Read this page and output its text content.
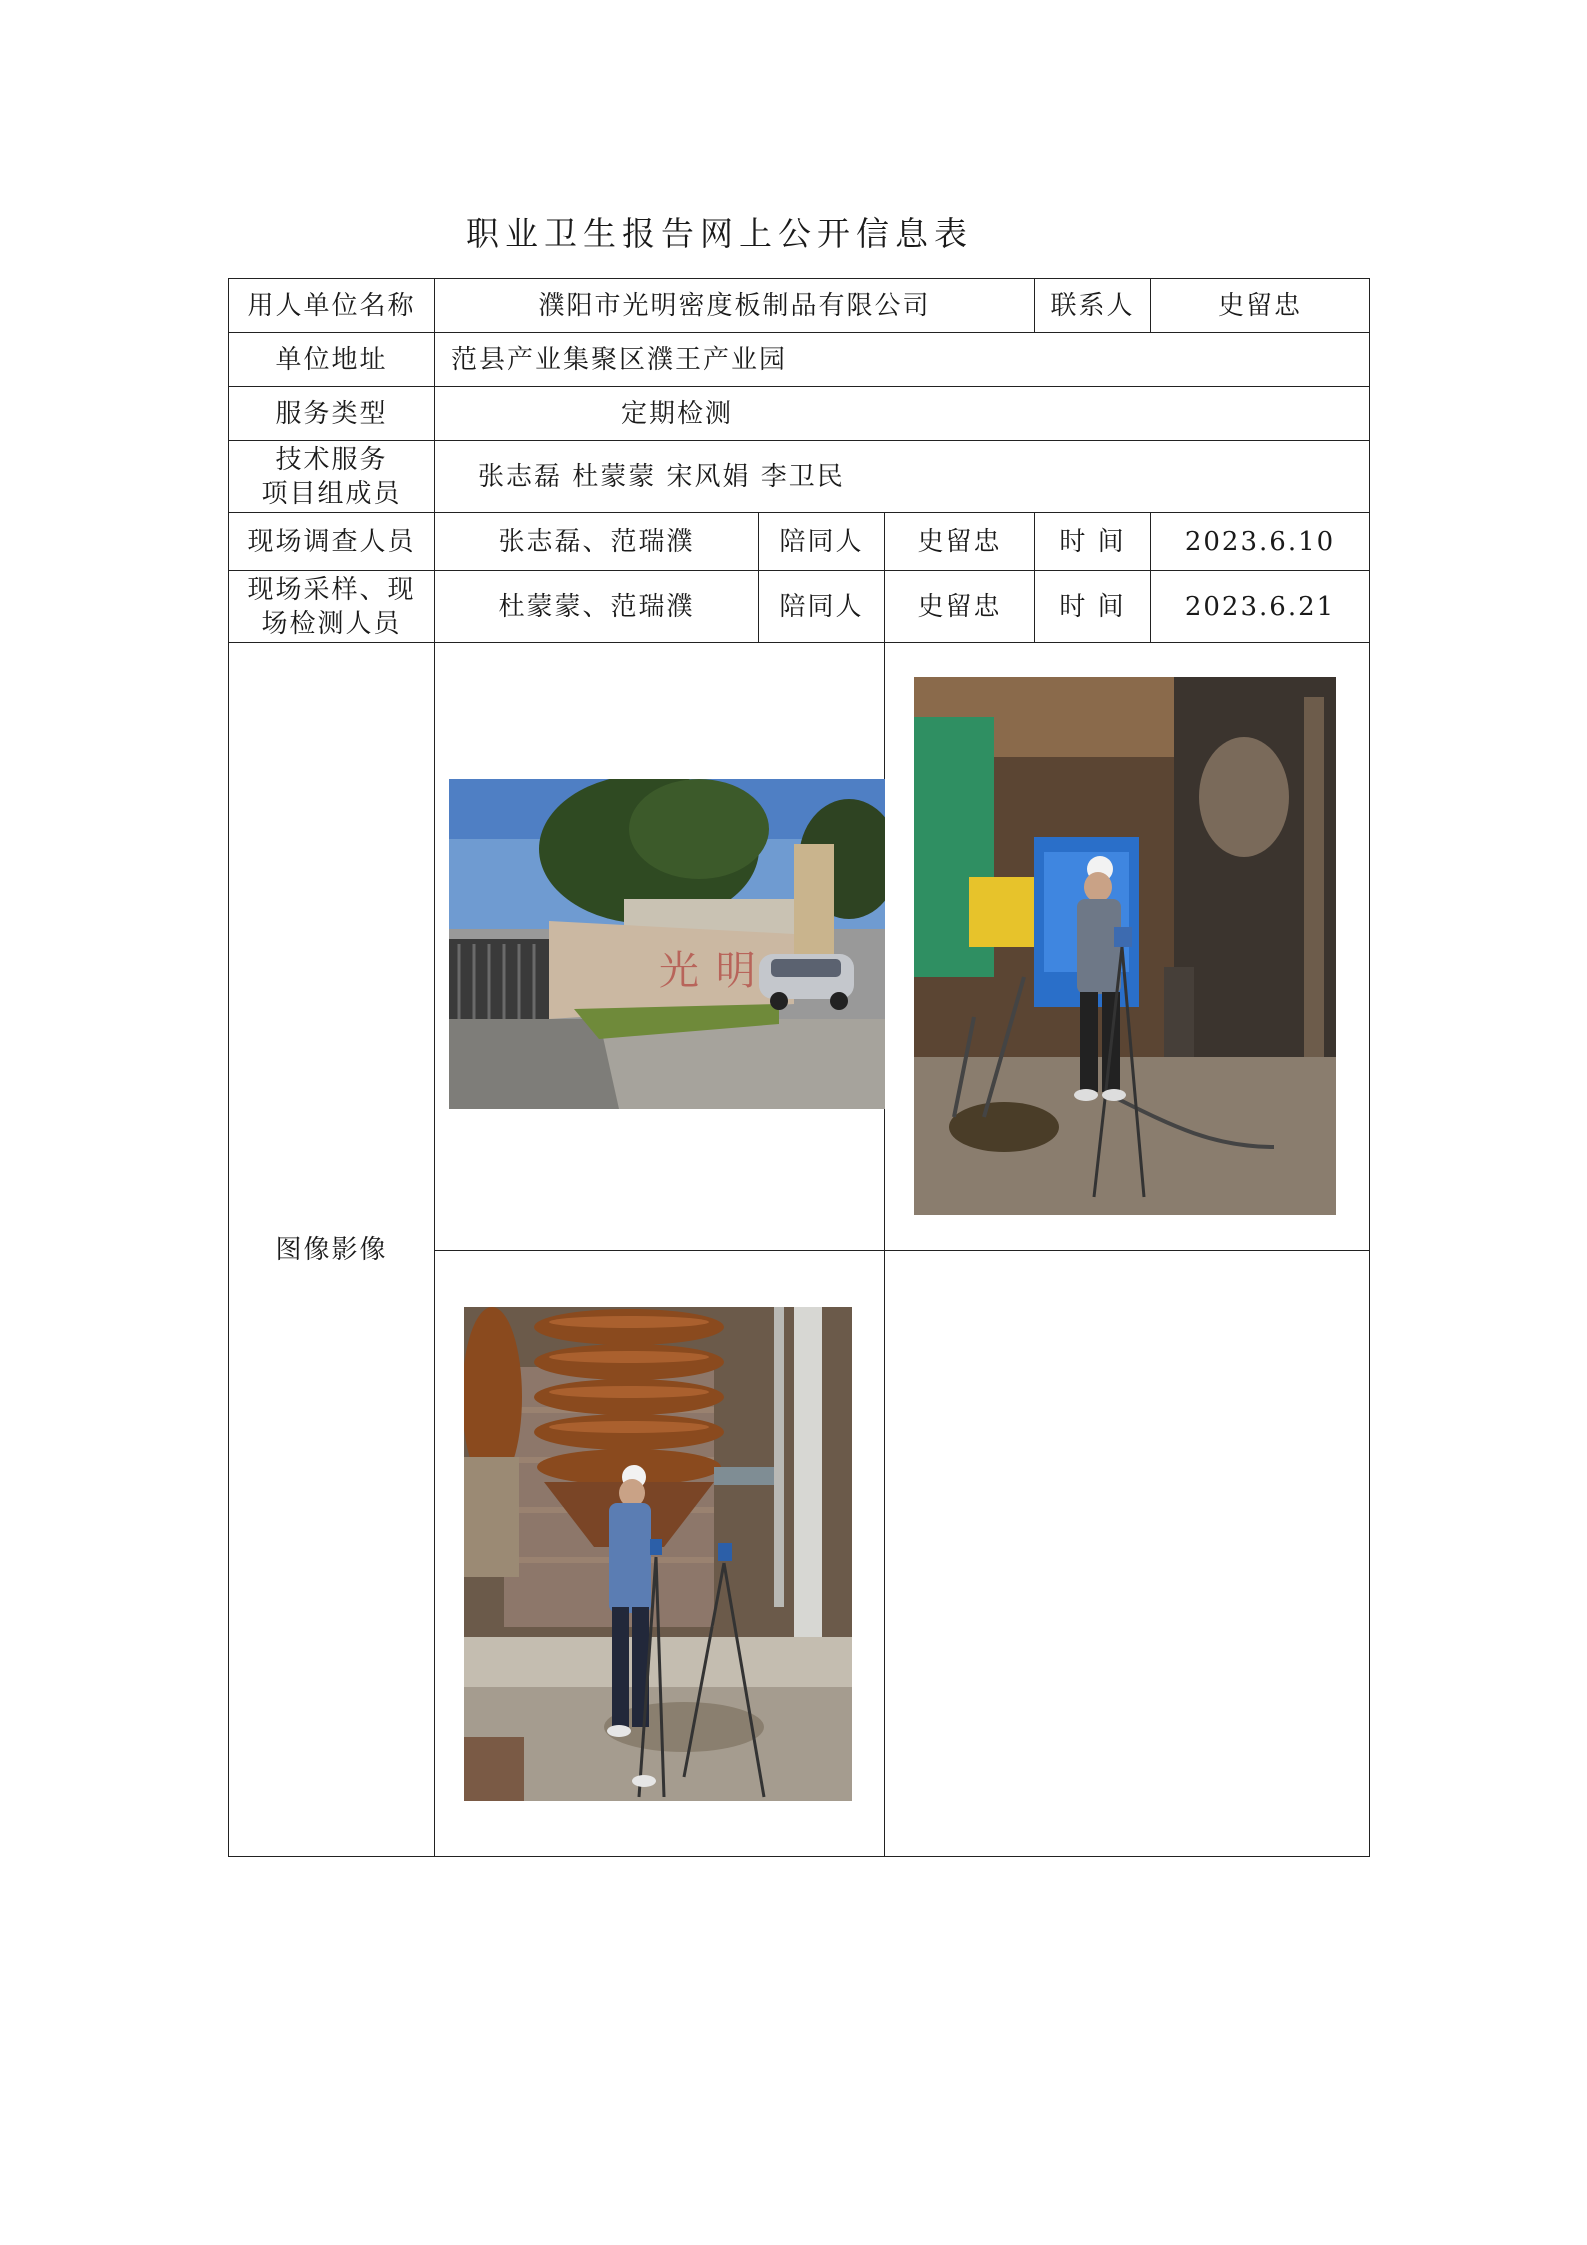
职业卫生报告网上公开信息表
用人单位名称	濮阳市光明密度板制品有限公司			联系人	史留忠
单位地址	范县产业集聚区濮王产业园				
服务类型	定期检测				

技术服务
项目组成员	张志磊 杜蒙蒙 宋风娟 李卫民				
现场调查人员	张志磊、范瑞濮	陪同人	史留忠	时 间	2023.6.10

现场采样、现
场检测人员	杜蒙蒙、范瑞濮	陪同人	史留忠	时 间	2023.6.21
图像影像	光 明
